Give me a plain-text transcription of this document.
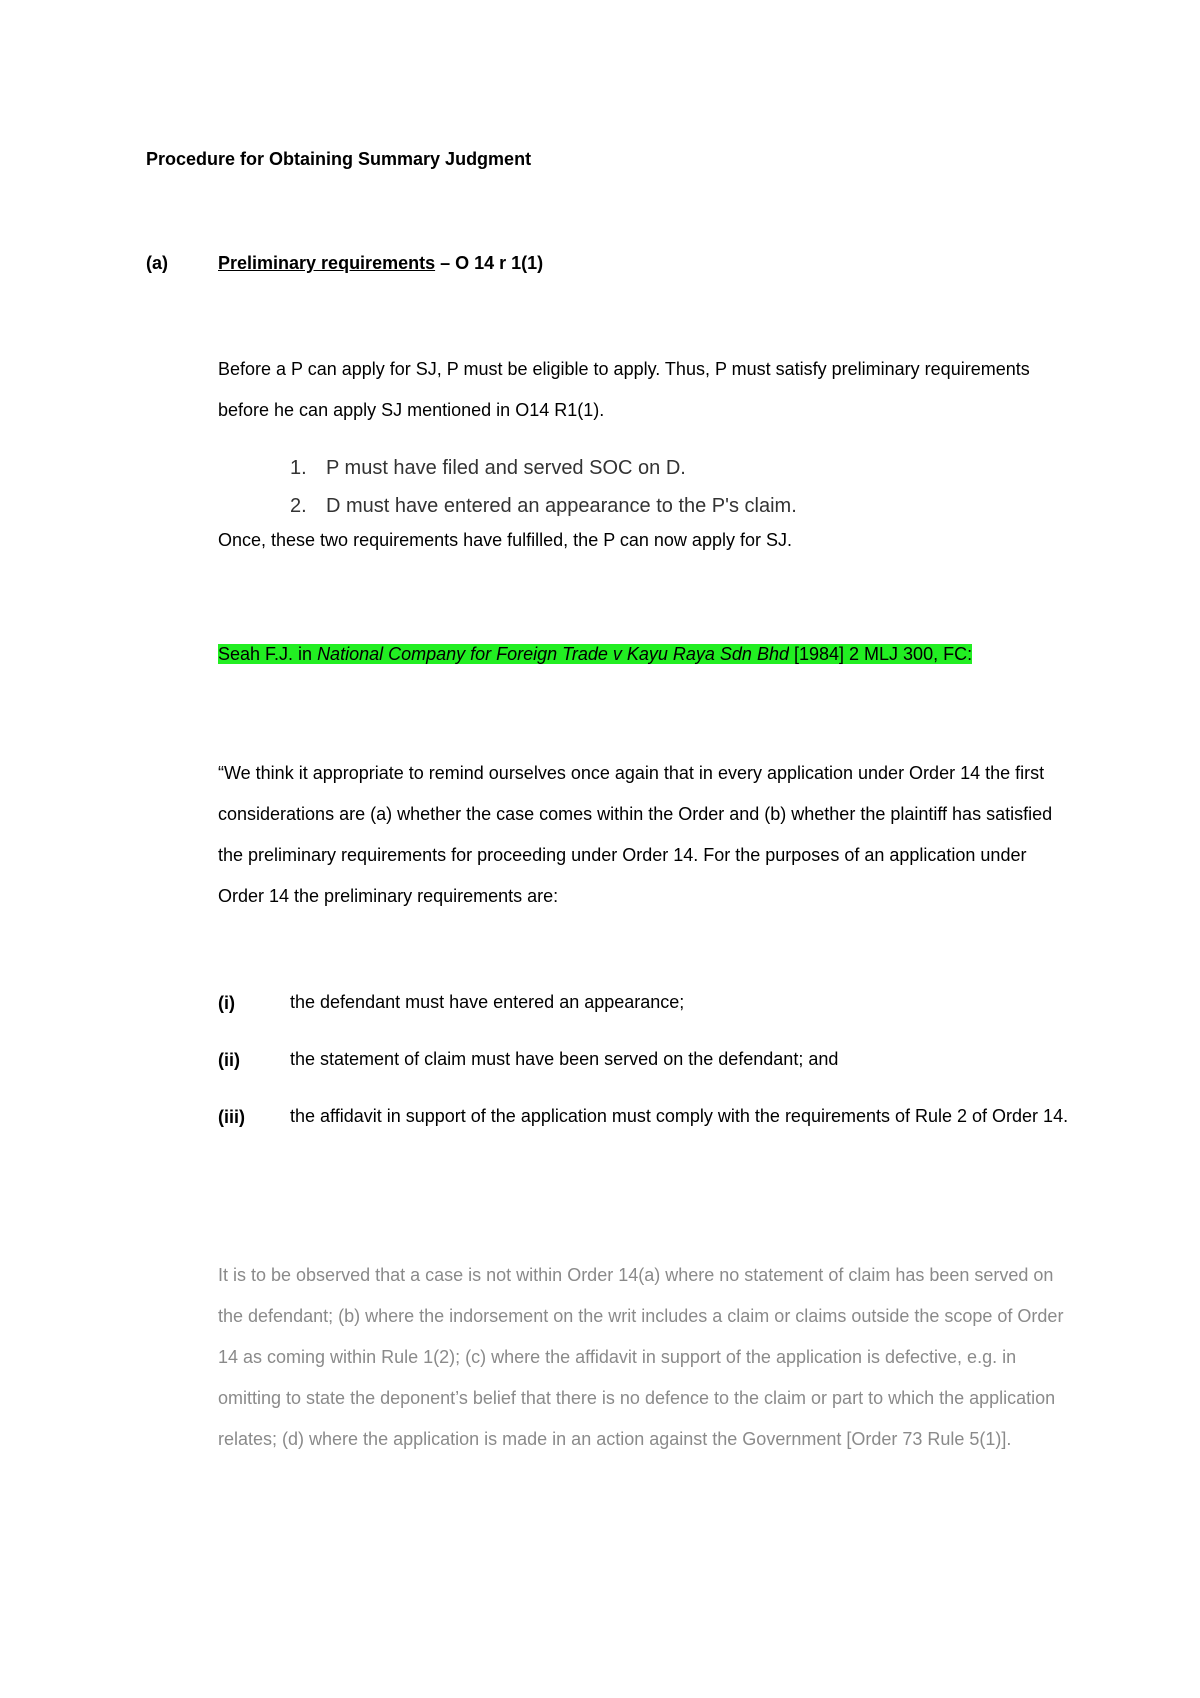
Procedure for Obtaining Summary Judgment
(a)	Preliminary requirements – O 14 r 1(1)
Before a P can apply for SJ, P must be eligible to apply. Thus, P must satisfy preliminary requirements before he can apply SJ mentioned in O14 R1(1).
1. P must have filed and served SOC on D.
2. D must have entered an appearance to the P's claim.
Once, these two requirements have fulfilled, the P can now apply for SJ.
Seah F.J. in National Company for Foreign Trade v Kayu Raya Sdn Bhd [1984] 2 MLJ 300, FC:
“We think it appropriate to remind ourselves once again that in every application under Order 14 the first considerations are (a) whether the case comes within the Order and (b) whether the plaintiff has satisfied the preliminary requirements for proceeding under Order 14. For the purposes of an application under Order 14 the preliminary requirements are:
(i)	the defendant must have entered an appearance;
(ii)	the statement of claim must have been served on the defendant; and
(iii)	the affidavit in support of the application must comply with the requirements of Rule 2 of Order 14.
It is to be observed that a case is not within Order 14(a) where no statement of claim has been served on the defendant; (b) where the indorsement on the writ includes a claim or claims outside the scope of Order 14 as coming within Rule 1(2); (c) where the affidavit in support of the application is defective, e.g. in omitting to state the deponent’s belief that there is no defence to the claim or part to which the application relates; (d) where the application is made in an action against the Government [Order 73 Rule 5(1)].
